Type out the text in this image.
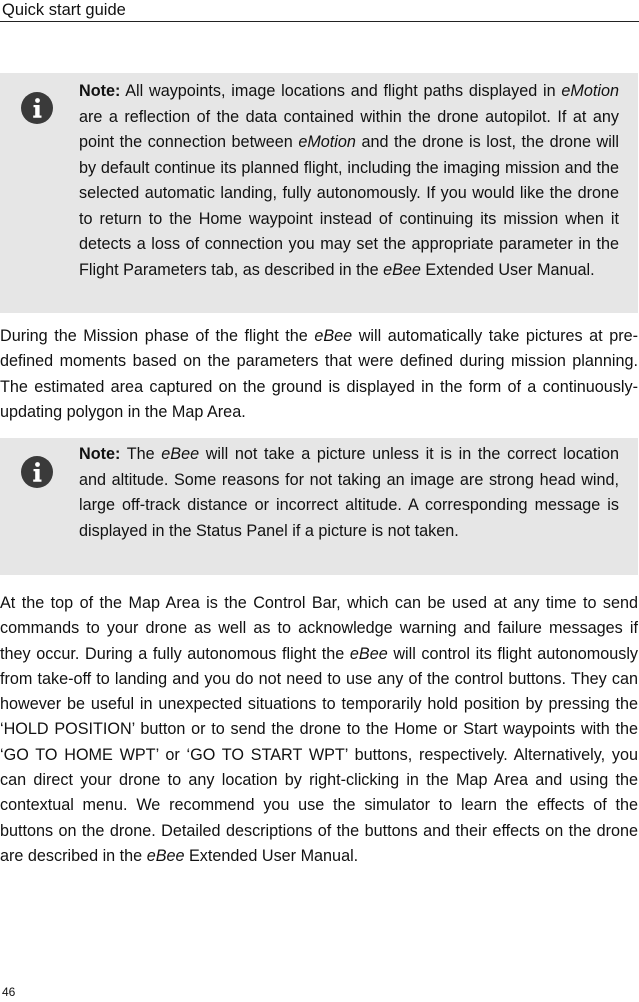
Quick start guide
Note: All waypoints, image locations and flight paths displayed in eMotion are a reflection of the data contained within the drone autopilot. If at any point the connection between eMotion and the drone is lost, the drone will by default continue its planned flight, including the imaging mission and the selected automatic landing, fully autonomously. If you would like the drone to return to the Home waypoint instead of continuing its mission when it detects a loss of connection you may set the appropriate parameter in the Flight Parameters tab, as described in the eBee Extended User Manual.
During the Mission phase of the flight the eBee will automatically take pictures at pre-defined moments based on the parameters that were defined during mission planning. The estimated area captured on the ground is displayed in the form of a continuously-updating polygon in the Map Area.
Note: The eBee will not take a picture unless it is in the correct location and altitude. Some reasons for not taking an image are strong head wind, large off-track distance or incorrect altitude. A corresponding message is displayed in the Status Panel if a picture is not taken.
At the top of the Map Area is the Control Bar, which can be used at any time to send commands to your drone as well as to acknowledge warning and failure messages if they occur. During a fully autonomous flight the eBee will control its flight autonomously from take-off to landing and you do not need to use any of the control buttons. They can however be useful in unexpected situations to temporarily hold position by pressing the ‘HOLD POSITION’ button or to send the drone to the Home or Start waypoints with the ‘GO TO HOME WPT’ or ‘GO TO START WPT’ buttons, respectively. Alternatively, you can direct your drone to any location by right-clicking in the Map Area and using the contextual menu. We recommend you use the simulator to learn the effects of the buttons on the drone. Detailed descriptions of the buttons and their effects on the drone are described in the eBee Extended User Manual.
46
